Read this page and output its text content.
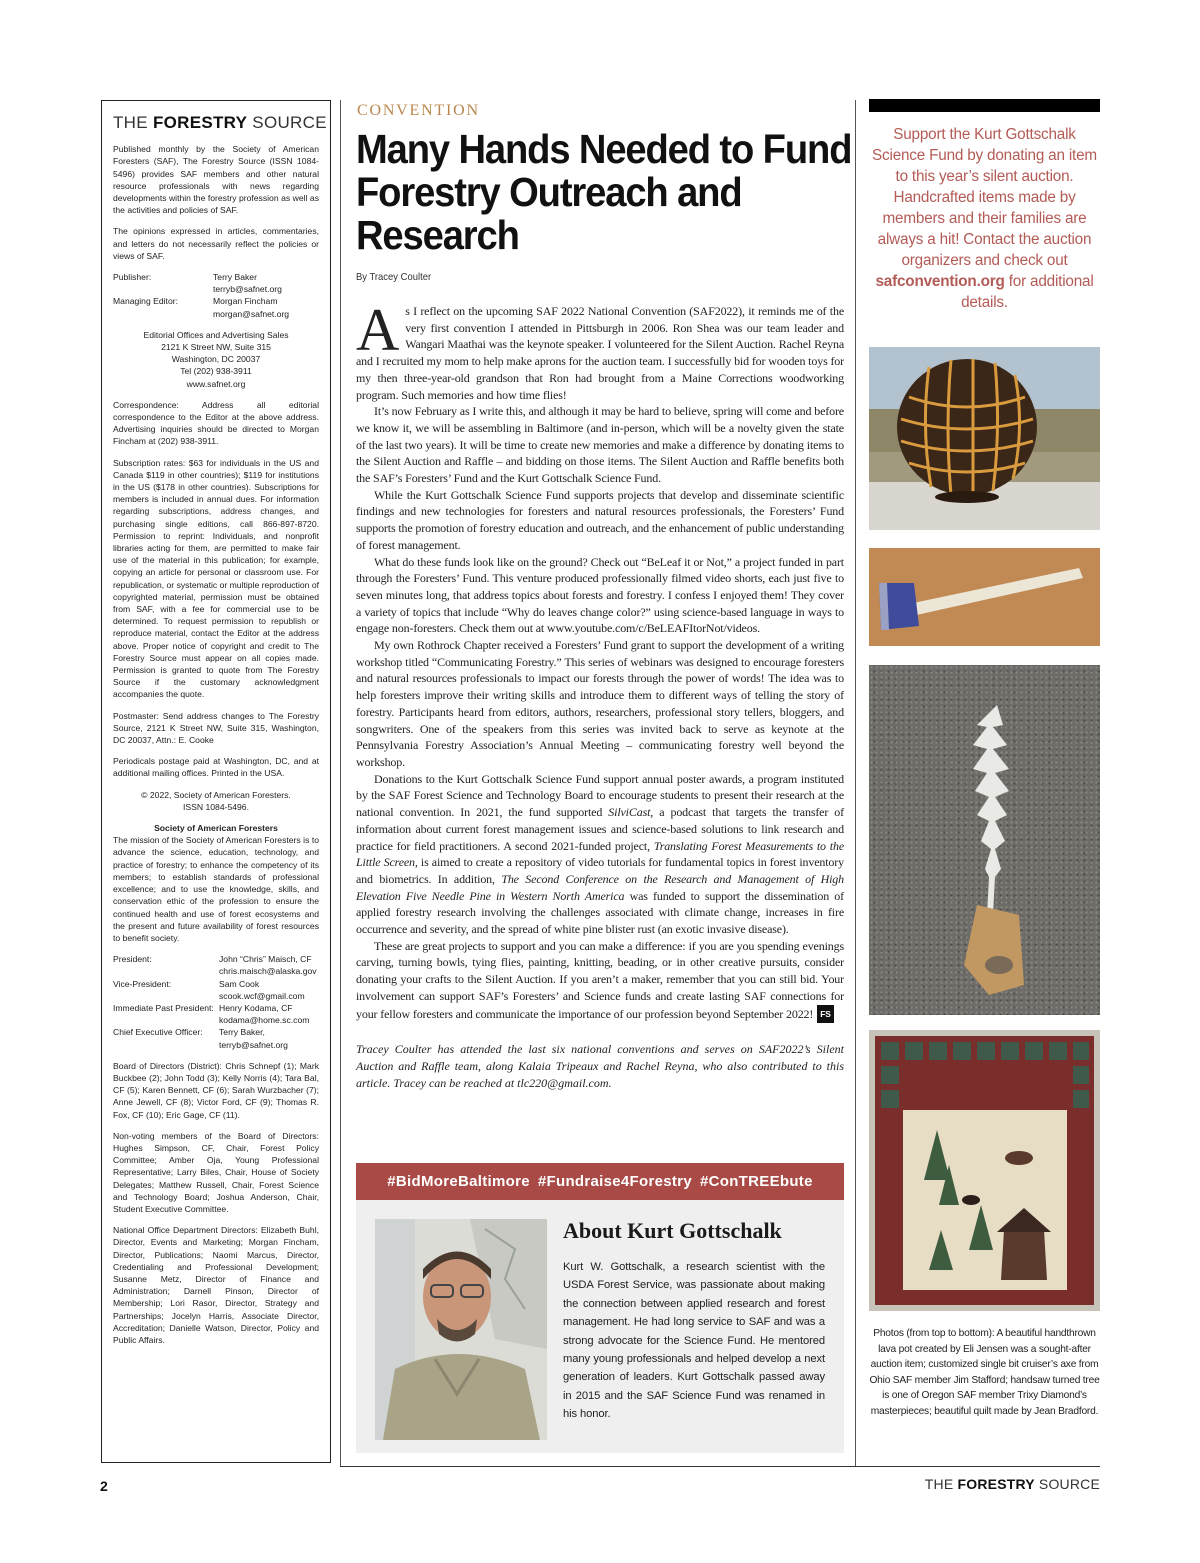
THE FORESTRY SOURCE

Published monthly by the Society of American Foresters (SAF), The Forestry Source (ISSN 1084-5496) provides SAF members and other natural resource professionals with news regarding developments within the forestry profession as well as the activities and policies of SAF.

The opinions expressed in articles, commentaries, and letters do not necessarily reflect the policies or views of SAF.

Publisher:	Terry Baker
terryb@safnet.org
Managing Editor:	Morgan Fincham
morgan@safnet.org

Editorial Offices and Advertising Sales
2121 K Street NW, Suite 315
Washington, DC 20037
Tel (202) 938-3911
www.safnet.org

Correspondence: Address all editorial correspondence to the Editor at the above address. Advertising inquiries should be directed to Morgan Fincham at (202) 938-3911.

Subscription rates: $63 for individuals in the US and Canada $119 in other countries); $119 for institutions in the US ($178 in other countries). Subscriptions for members is included in annual dues. For information regarding subscriptions, address changes, and purchasing single editions, call 866-897-8720. Permission to reprint: Individuals, and nonprofit libraries acting for them, are permitted to make fair use of the material in this publication; for example, copying an article for personal or classroom use. For republication, or systematic or multiple reproduction of copyrighted material, permission must be obtained from SAF, with a fee for commercial use to be determined. To request permission to republish or reproduce material, contact the Editor at the address above. Proper notice of copyright and credit to The Forestry Source must appear on all copies made. Permission is granted to quote from The Forestry Source if the customary acknowledgment accompanies the quote.

Postmaster: Send address changes to The Forestry Source, 2121 K Street NW, Suite 315, Washington, DC 20037, Attn.: E. Cooke

Periodicals postage paid at Washington, DC, and at additional mailing offices. Printed in the USA.

© 2022, Society of American Foresters.
ISSN 1084-5496.

Society of American Foresters

The mission of the Society of American Foresters is to advance the science, education, technology, and practice of forestry; to enhance the competency of its members; to establish standards of professional excellence; and to use the knowledge, skills, and conservation ethic of the profession to ensure the continued health and use of forest ecosystems and the present and future availability of forest resources to benefit society.

President:	John “Chris” Maisch, CF
chris.maisch@alaska.gov
Vice-President:	Sam Cook
scook.wcf@gmail.com
Immediate Past President: Henry Kodama, CF
kodama@home.sc.com
Chief Executive Officer:	Terry Baker,
terryb@safnet.org

Board of Directors (District): Chris Schnepf (1); Mark Buckbee (2); John Todd (3); Kelly Norris (4); Tara Bal, CF (5); Karen Bennett, CF (6); Sarah Wurzbacher (7); Anne Jewell, CF (8); Victor Ford, CF (9); Thomas R. Fox, CF (10); Eric Gage, CF (11).

Non-voting members of the Board of Directors: Hughes Simpson, CF, Chair, Forest Policy Committee; Amber Oja, Young Professional Representative; Larry Biles, Chair, House of Society Delegates; Matthew Russell, Chair, Forest Science and Technology Board; Joshua Anderson, Chair, Student Executive Committee.

National Office Department Directors: Elizabeth Buhl, Director, Events and Marketing; Morgan Fincham, Director, Publications; Naomi Marcus, Director, Credentialing and Professional Development; Susanne Metz, Director of Finance and Administration; Darnell Pinson, Director of Membership; Lori Rasor, Director, Strategy and Partnerships; Jocelyn Harris, Associate Director, Accreditation; Danielle Watson, Director, Policy and Public Affairs.

CONVENTION
Many Hands Needed to Fund Forestry Outreach and Research
By Tracey Coulter

As I reflect on the upcoming SAF 2022 National Convention (SAF2022), it reminds me of the very first convention I attended in Pittsburgh in 2006. Ron Shea was our team leader and Wangari Maathai was the keynote speaker. I volunteered for the Silent Auction. Rachel Reyna and I recruited my mom to help make aprons for the auction team. I successfully bid for wooden toys for my then three-year-old grandson that Ron had brought from a Maine Corrections woodworking program. Such memories and how time flies!

It’s now February as I write this, and although it may be hard to believe, spring will come and before we know it, we will be assembling in Baltimore (and in-person, which will be a novelty given the state of the last two years). It will be time to create new memories and make a difference by donating items to the Silent Auction and Raffle – and bidding on those items. The Silent Auction and Raffle benefits both the SAF’s Foresters’ Fund and the Kurt Gottschalk Science Fund.

While the Kurt Gottschalk Science Fund supports projects that develop and disseminate scientific findings and new technologies for foresters and natural resources professionals, the Foresters’ Fund supports the promotion of forestry education and outreach, and the enhancement of public understanding of forest management.

What do these funds look like on the ground? Check out “BeLeaf it or Not,” a project funded in part through the Foresters’ Fund. This venture produced professionally filmed video shorts, each just five to seven minutes long, that address topics about forests and forestry. I confess I enjoyed them! They cover a variety of topics that include “Why do leaves change color?” using science-based language in ways to engage non-foresters. Check them out at www.youtube.com/c/BeLEAFItorNot/videos.

My own Rothrock Chapter received a Foresters’ Fund grant to support the development of a writing workshop titled “Communicating Forestry.” This series of webinars was designed to encourage foresters and natural resources professionals to impact our forests through the power of words! The idea was to help foresters improve their writing skills and introduce them to different ways of telling the story of forestry. Participants heard from editors, authors, researchers, professional story tellers, bloggers, and songwriters. One of the speakers from this series was invited back to serve as keynote at the Pennsylvania Forestry Association’s Annual Meeting – communicating forestry well beyond the workshop.

Donations to the Kurt Gottschalk Science Fund support annual poster awards, a program instituted by the SAF Forest Science and Technology Board to encourage students to present their research at the national convention. In 2021, the fund supported SilviCast, a podcast that targets the transfer of information about current forest management issues and science-based solutions to link research and practice for field practitioners. A second 2021-funded project, Translating Forest Measurements to the Little Screen, is aimed to create a repository of video tutorials for fundamental topics in forest inventory and biometrics. In addition, The Second Conference on the Research and Management of High Elevation Five Needle Pine in Western North America was funded to support the dissemination of applied forestry research involving the challenges associated with climate change, increases in fire occurrence and severity, and the spread of white pine blister rust (an exotic invasive disease).

These are great projects to support and you can make a difference: if you are you spending evenings carving, turning bowls, tying flies, painting, knitting, beading, or in other creative pursuits, consider donating your crafts to the Silent Auction. If you aren’t a maker, remember that you can still bid. Your involvement can support SAF’s Foresters’ and Science funds and create lasting SAF connections for your fellow foresters and communicate the importance of our profession beyond September 2022! FS

Tracey Coulter has attended the last six national conventions and serves on SAF2022’s Silent Auction and Raffle team, along Kalaia Tripeaux and Rachel Reyna, who also contributed to this article. Tracey can be reached at tlc220@gmail.com.
#BidMoreBaltimore #Fundraise4Forestry #ConTREEbute
About Kurt Gottschalk
Kurt W. Gottschalk, a research scientist with the USDA Forest Service, was passionate about making the connection between applied research and forest management. He had long service to SAF and was a strong advocate for the Science Fund. He mentored many young professionals and helped develop a next generation of leaders. Kurt Gottschalk passed away in 2015 and the SAF Science Fund was renamed in his honor.
Support the Kurt Gottschalk Science Fund by donating an item to this year’s silent auction. Handcrafted items made by members and their families are always a hit! Contact the auction organizers and check out safconvention.org for additional details.
Photos (from top to bottom): A beautiful handthrown lava pot created by Eli Jensen was a sought-after auction item; customized single bit cruiser’s axe from Ohio SAF member Jim Stafford; handsaw turned tree is one of Oregon SAF member Trixy Diamond’s masterpieces; beautiful quilt made by Jean Bradford.
2	THE FORESTRY SOURCE
